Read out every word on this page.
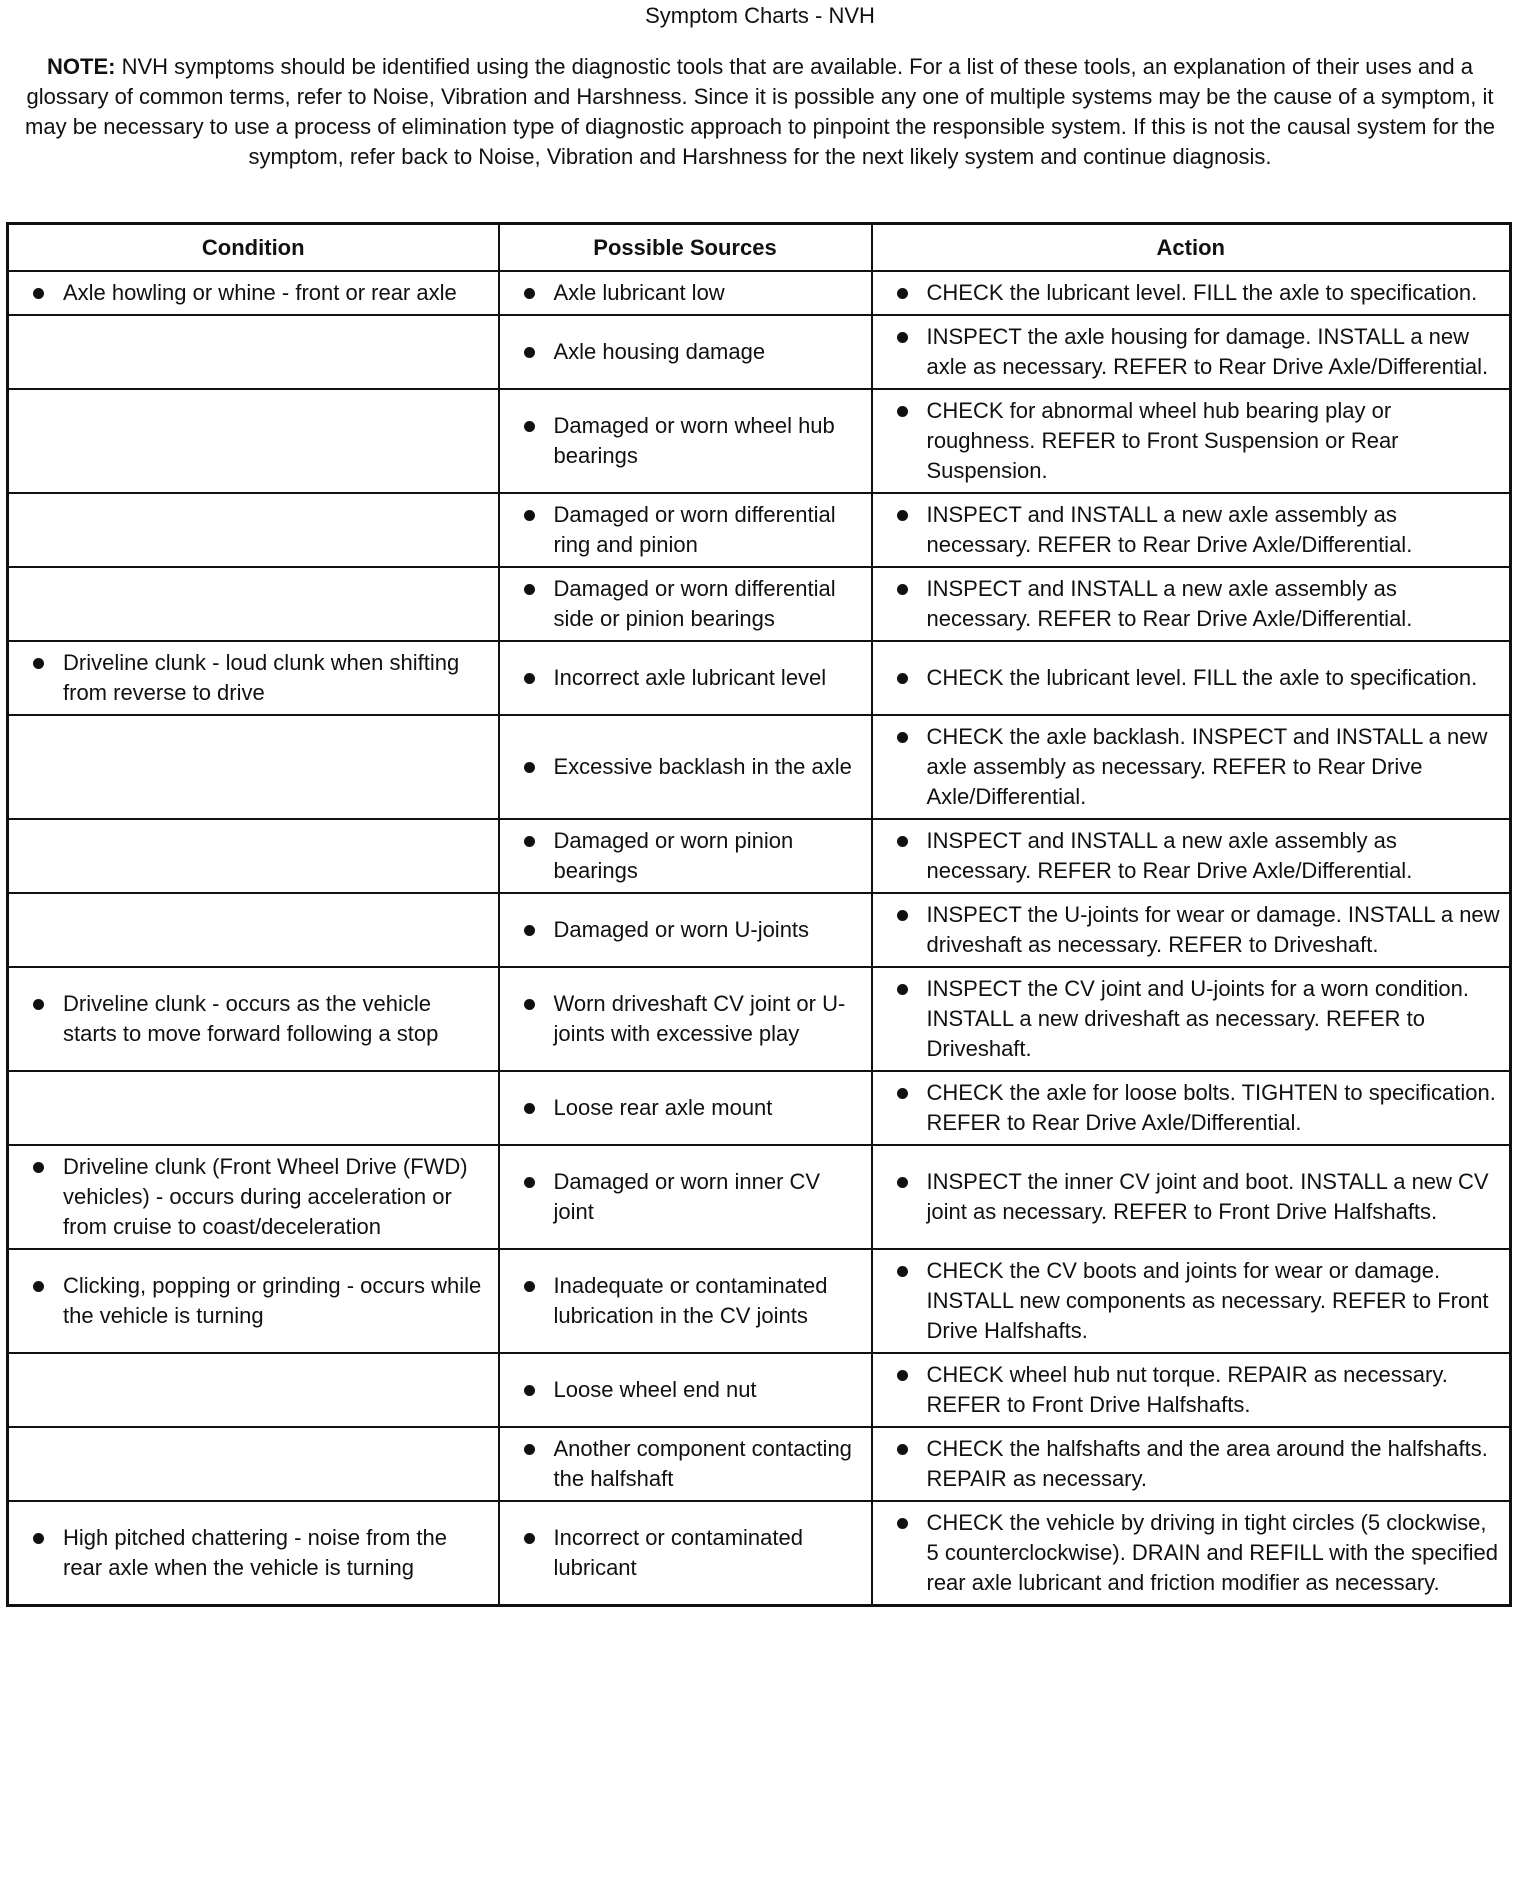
Symptom Charts - NVH
NOTE: NVH symptoms should be identified using the diagnostic tools that are available. For a list of these tools, an explanation of their uses and a glossary of common terms, refer to Noise, Vibration and Harshness. Since it is possible any one of multiple systems may be the cause of a symptom, it may be necessary to use a process of elimination type of diagnostic approach to pinpoint the responsible system. If this is not the causal system for the symptom, refer back to Noise, Vibration and Harshness for the next likely system and continue diagnosis.
Condition	Possible Sources	Action

Axle howling or whine - front or rear axle	Axle lubricant low	CHECK the lubricant level. FILL the axle to specification.

	Axle housing damage	INSPECT the axle housing for damage. INSTALL a new axle as necessary. REFER to Rear Drive Axle/Differential.

	Damaged or worn wheel hub bearings	CHECK for abnormal wheel hub bearing play or roughness. REFER to Front Suspension or Rear Suspension.

	Damaged or worn differential ring and pinion	INSPECT and INSTALL a new axle assembly as necessary. REFER to Rear Drive Axle/Differential.

	Damaged or worn differential side or pinion bearings	INSPECT and INSTALL a new axle assembly as necessary. REFER to Rear Drive Axle/Differential.

Driveline clunk - loud clunk when shifting from reverse to drive	Incorrect axle lubricant level	CHECK the lubricant level. FILL the axle to specification.

	Excessive backlash in the axle	CHECK the axle backlash. INSPECT and INSTALL a new axle assembly as necessary. REFER to Rear Drive Axle/Differential.

	Damaged or worn pinion bearings	INSPECT and INSTALL a new axle assembly as necessary. REFER to Rear Drive Axle/Differential.

	Damaged or worn U-joints	INSPECT the U-joints for wear or damage. INSTALL a new driveshaft as necessary. REFER to Driveshaft.

Driveline clunk - occurs as the vehicle starts to move forward following a stop	Worn driveshaft CV joint or U-joints with excessive play	INSPECT the CV joint and U-joints for a worn condition. INSTALL a new driveshaft as necessary. REFER to Driveshaft.

	Loose rear axle mount	CHECK the axle for loose bolts. TIGHTEN to specification. REFER to Rear Drive Axle/Differential.

Driveline clunk (Front Wheel Drive (FWD) vehicles) - occurs during acceleration or from cruise to coast/deceleration	Damaged or worn inner CV joint	INSPECT the inner CV joint and boot. INSTALL a new CV joint as necessary. REFER to Front Drive Halfshafts.

Clicking, popping or grinding - occurs while the vehicle is turning	Inadequate or contaminated lubrication in the CV joints	CHECK the CV boots and joints for wear or damage. INSTALL new components as necessary. REFER to Front Drive Halfshafts.

	Loose wheel end nut	CHECK wheel hub nut torque. REPAIR as necessary. REFER to Front Drive Halfshafts.

	Another component contacting the halfshaft	CHECK the halfshafts and the area around the halfshafts. REPAIR as necessary.

High pitched chattering - noise from the rear axle when the vehicle is turning	Incorrect or contaminated lubricant	CHECK the vehicle by driving in tight circles (5 clockwise, 5 counterclockwise). DRAIN and REFILL with the specified rear axle lubricant and friction modifier as necessary.
